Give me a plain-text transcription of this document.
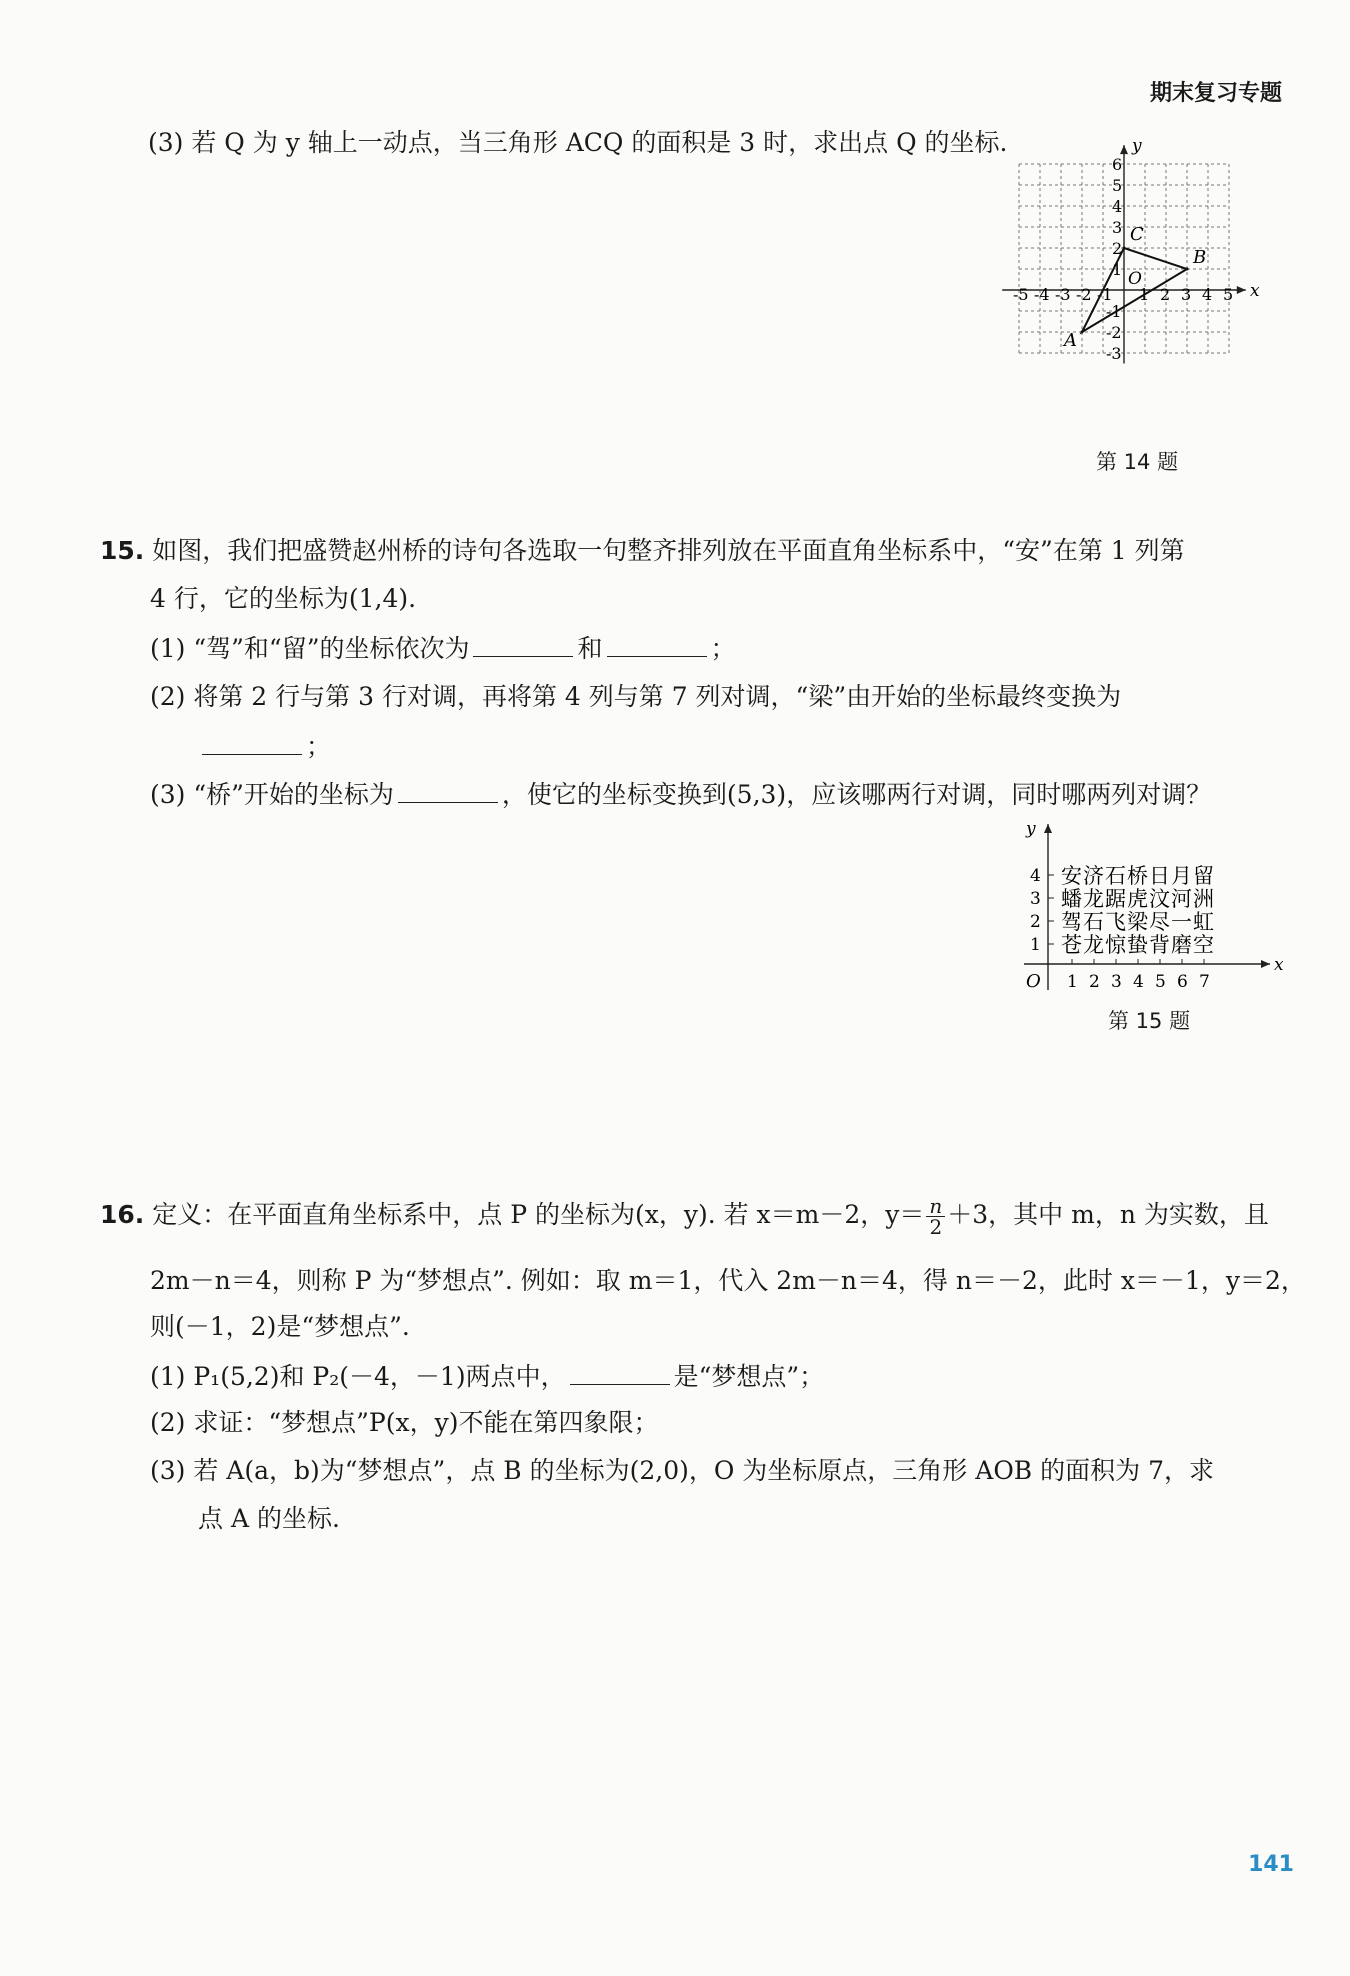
期末复习专题
(3) 若 Q 为 y 轴上一动点，当三角形 ACQ 的面积是 3 时，求出点 Q 的坐标.
-5 -4 -3 -2 -1 1 2 3 4 5
-3
-2
-1
1
2
3
4
5
6
A
B
C
x
y
O
第 14 题
15. 如图，我们把盛赞赵州桥的诗句各选取一句整齐排列放在平面直角坐标系中，“安”在第 1 列第
4 行，它的坐标为(1,4).
(1) “驾”和“留”的坐标依次为	和	；
(2) 将第 2 行与第 3 行对调，再将第 4 列与第 7 列对调，“梁”由开始的坐标最终变换为
；
(3) “桥”开始的坐标为	，使它的坐标变换到(5,3)，应该哪两行对调，同时哪两列对调？
1 2 3 4 5 6 7
4
3
2
1
安济石桥日月留
蟠龙踞虎汶河洲
驾石飞梁尽一虹
苍龙惊蛰背磨空
x
y
O
第 15 题
16. 定义：在平面直角坐标系中，点 P 的坐标为(x，y). 若 x＝m－2，$y= \frac{n}{2} +3$，其中 m，n 为实数，且
2m－n＝4，则称 P 为“梦想点”. 例如：取 m＝1，代入 2m－n＝4，得 n＝－2，此时 x＝－1，y＝2，
则(－1，2)是“梦想点”.
(1) P₁(5,2)和 P₂(－4，－1)两点中，	是“梦想点”；
(2) 求证：“梦想点”P(x，y)不能在第四象限；
(3) 若 A(a，b)为“梦想点”，点 B 的坐标为(2,0)，O 为坐标原点，三角形 AOB 的面积为 7，求
点 A 的坐标.
141
